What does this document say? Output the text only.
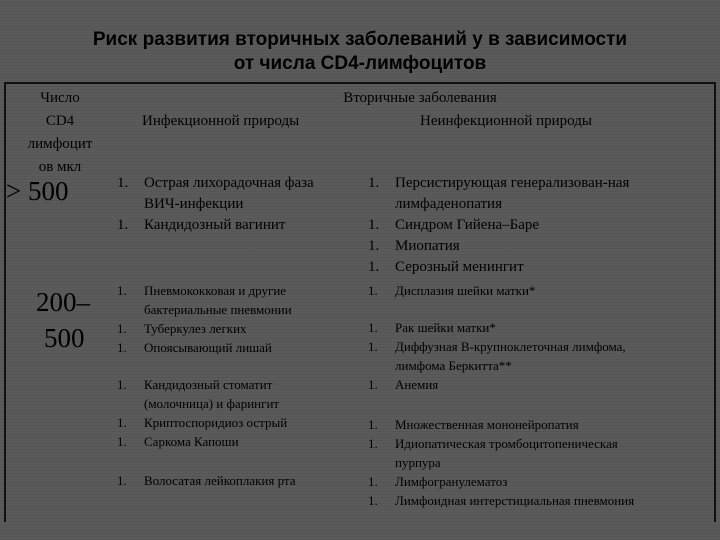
Риск развития вторичных заболеваний у в зависимости
от числа CD4-лимфоцитов
Число
CD4
лимфоцит
ов мкл
Вторичные заболевания
Инфекционной природы	Неинфекционной природы
> 500	1. Острая лихорадочная фаза
ВИЧ-инфекции
1. Кандидозный вагинит
1. Персистирующая генерализован-ная
лимфаденопатия
1. Синдром Гийена–Баре
1. Миопатия
1. Серозный менингит
200–
500
1. Пневмококковая и другие
бактериальные пневмонии
1. Туберкулез легких
1. Опоясывающий лишай
1. Кандидозный стоматит
(молочница) и фарингит
1. Криптоспоридиоз острый
1. Саркома Капоши
1. Волосатая лейкоплакия рта
1. Дисплазия шейки матки*
1. Рак шейки матки*
1. Диффузная В-крупноклеточная лимфома,
лимфома Беркитта**
1. Анемия
1. Множественная мононейропатия
1. Идиопатическая тромбоцитопеническая
пурпура
1. Лимфогранулематоз
1. Лимфоидная интерстициальная пневмония
